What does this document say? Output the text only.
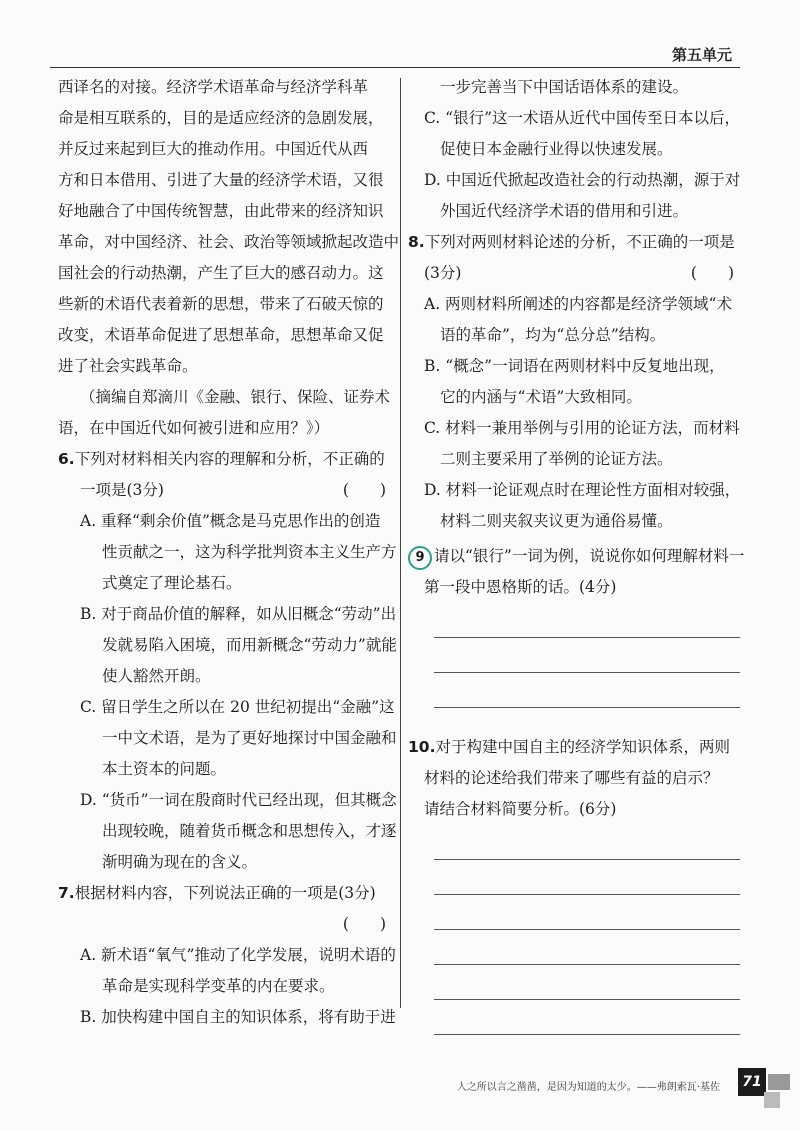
第五单元
西译名的对接。经济学术语革命与经济学科革
命是相互联系的，目的是适应经济的急剧发展，
并反过来起到巨大的推动作用。中国近代从西
方和日本借用、引进了大量的经济学术语，又很
好地融合了中国传统智慧，由此带来的经济知识
革命，对中国经济、社会、政治等领域掀起改造中
国社会的行动热潮，产生了巨大的感召动力。这
些新的术语代表着新的思想，带来了石破天惊的
改变，术语革命促进了思想革命，思想革命又促
进了社会实践革命。
（摘编自郑滴川《金融、银行、保险、证券术
语，在中国近代如何被引进和应用？》）
6.下列对材料相关内容的理解和分析，不正确的
一项是(3分)	(　　)
A. 重释“剩余价值”概念是马克思作出的创造
性贡献之一，这为科学批判资本主义生产方
式奠定了理论基石。
B. 对于商品价值的解释，如从旧概念“劳动”出
发就易陷入困境，而用新概念“劳动力”就能
使人豁然开朗。
C. 留日学生之所以在 20 世纪初提出“金融”这
一中文术语，是为了更好地探讨中国金融和
本土资本的问题。
D. “货币”一词在殷商时代已经出现，但其概念
出现较晚，随着货币概念和思想传入，才逐
渐明确为现在的含义。
7.根据材料内容，下列说法正确的一项是(3分)
(　　)
A. 新术语“氧气”推动了化学发展，说明术语的
革命是实现科学变革的内在要求。
B. 加快构建中国自主的知识体系，将有助于进
一步完善当下中国话语体系的建设。
C. “银行”这一术语从近代中国传至日本以后，
促使日本金融行业得以快速发展。
D. 中国近代掀起改造社会的行动热潮，源于对
外国近代经济学术语的借用和引进。
8.下列对两则材料论述的分析，不正确的一项是
(3分)	(　　)
A. 两则材料所阐述的内容都是经济学领域“术
语的革命”，均为“总分总”结构。
B. “概念”一词语在两则材料中反复地出现，
它的内涵与“术语”大致相同。
C. 材料一兼用举例与引用的论证方法，而材料
二则主要采用了举例的论证方法。
D. 材料一论证观点时在理论性方面相对较强，
材料二则夹叙夹议更为通俗易懂。
9 请以“银行”一词为例，说说你如何理解材料一
第一段中恩格斯的话。(4分)
10.对于构建中国自主的经济学知识体系，两则
材料的论述给我们带来了哪些有益的启示？
请结合材料简要分析。(6分)
人之所以言之凿凿，是因为知道的太少。——弗朗索瓦·基佐	71
